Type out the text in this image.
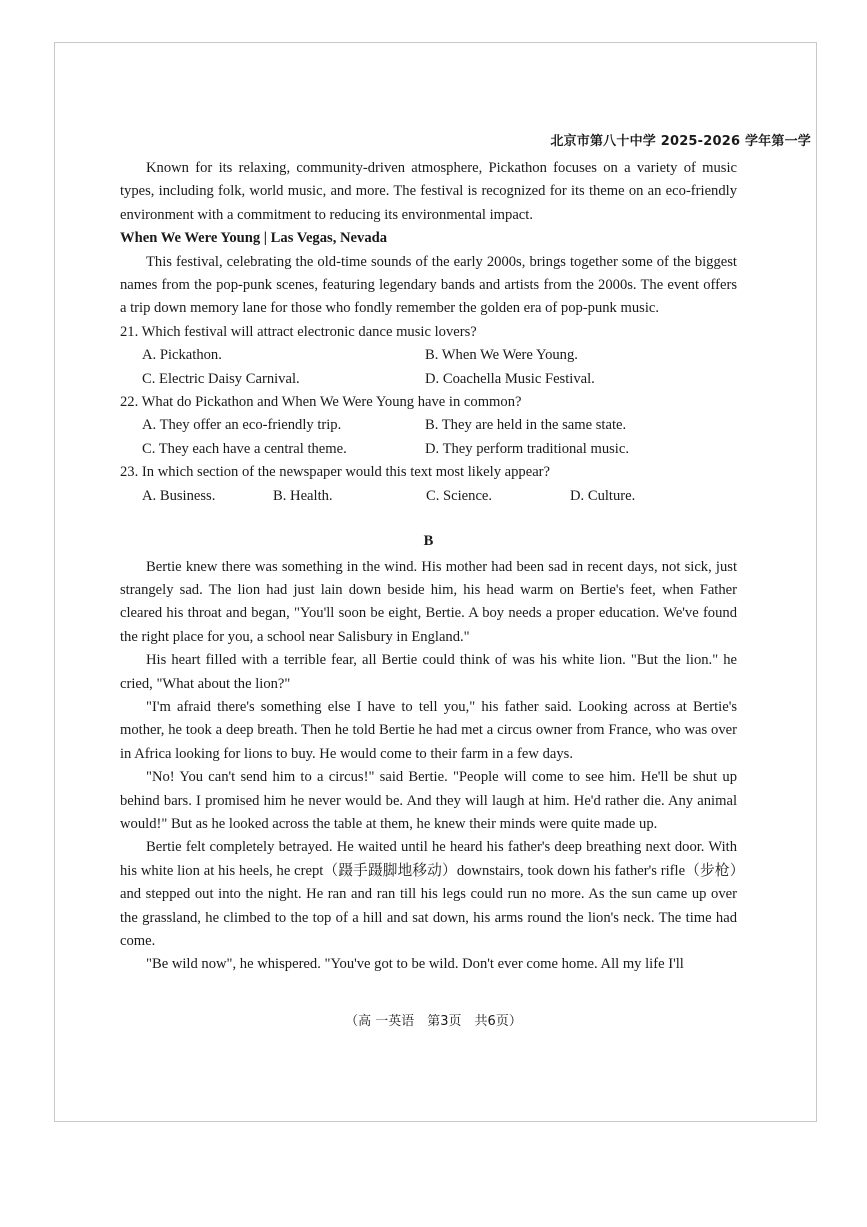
北京市第八十中学 2025-2026 学年第一学

Known for its relaxing, community-driven atmosphere, Pickathon focuses on a variety of music types, including folk, world music, and more. The festival is recognized for its theme on an eco-friendly environment with a commitment to reducing its environmental impact.

When We Were Young | Las Vegas, Nevada

This festival, celebrating the old-time sounds of the early 2000s, brings together some of the biggest names from the pop-punk scenes, featuring legendary bands and artists from the 2000s. The event offers a trip down memory lane for those who fondly remember the golden era of pop-punk music.

21. Which festival will attract electronic dance music lovers?

A. Pickathon.	B. When We Were Young.
C. Electric Daisy Carnival.	D. Coachella Music Festival.

22. What do Pickathon and When We Were Young have in common?

A. They offer an eco-friendly trip.	B. They are held in the same state.
C. They each have a central theme.	D. They perform traditional music.

23. In which section of the newspaper would this text most likely appear?

A. Business.	B. Health.	C. Science.	D. Culture.

B

Bertie knew there was something in the wind. His mother had been sad in recent days, not sick, just strangely sad. The lion had just lain down beside him, his head warm on Bertie's feet, when Father cleared his throat and began, "You'll soon be eight, Bertie. A boy needs a proper education. We've found the right place for you, a school near Salisbury in England."

His heart filled with a terrible fear, all Bertie could think of was his white lion. "But the lion." he cried, "What about the lion?"

"I'm afraid there's something else I have to tell you," his father said. Looking across at Bertie's mother, he took a deep breath. Then he told Bertie he had met a circus owner from France, who was over in Africa looking for lions to buy. He would come to their farm in a few days.

"No! You can't send him to a circus!" said Bertie. "People will come to see him. He'll be shut up behind bars. I promised him he never would be. And they will laugh at him. He'd rather die. Any animal would!" But as he looked across the table at them, he knew their minds were quite made up.

Bertie felt completely betrayed. He waited until he heard his father's deep breathing next door. With his white lion at his heels, he crept（蹑手蹑脚地移动）downstairs, took down his father's rifle（步枪）and stepped out into the night. He ran and ran till his legs could run no more. As the sun came up over the grassland, he climbed to the top of a hill and sat down, his arms round the lion's neck. The time had come.

"Be wild now", he whispered. "You've got to be wild. Don't ever come home. All my life I'll

（高 一英语　第3页　共6页）
